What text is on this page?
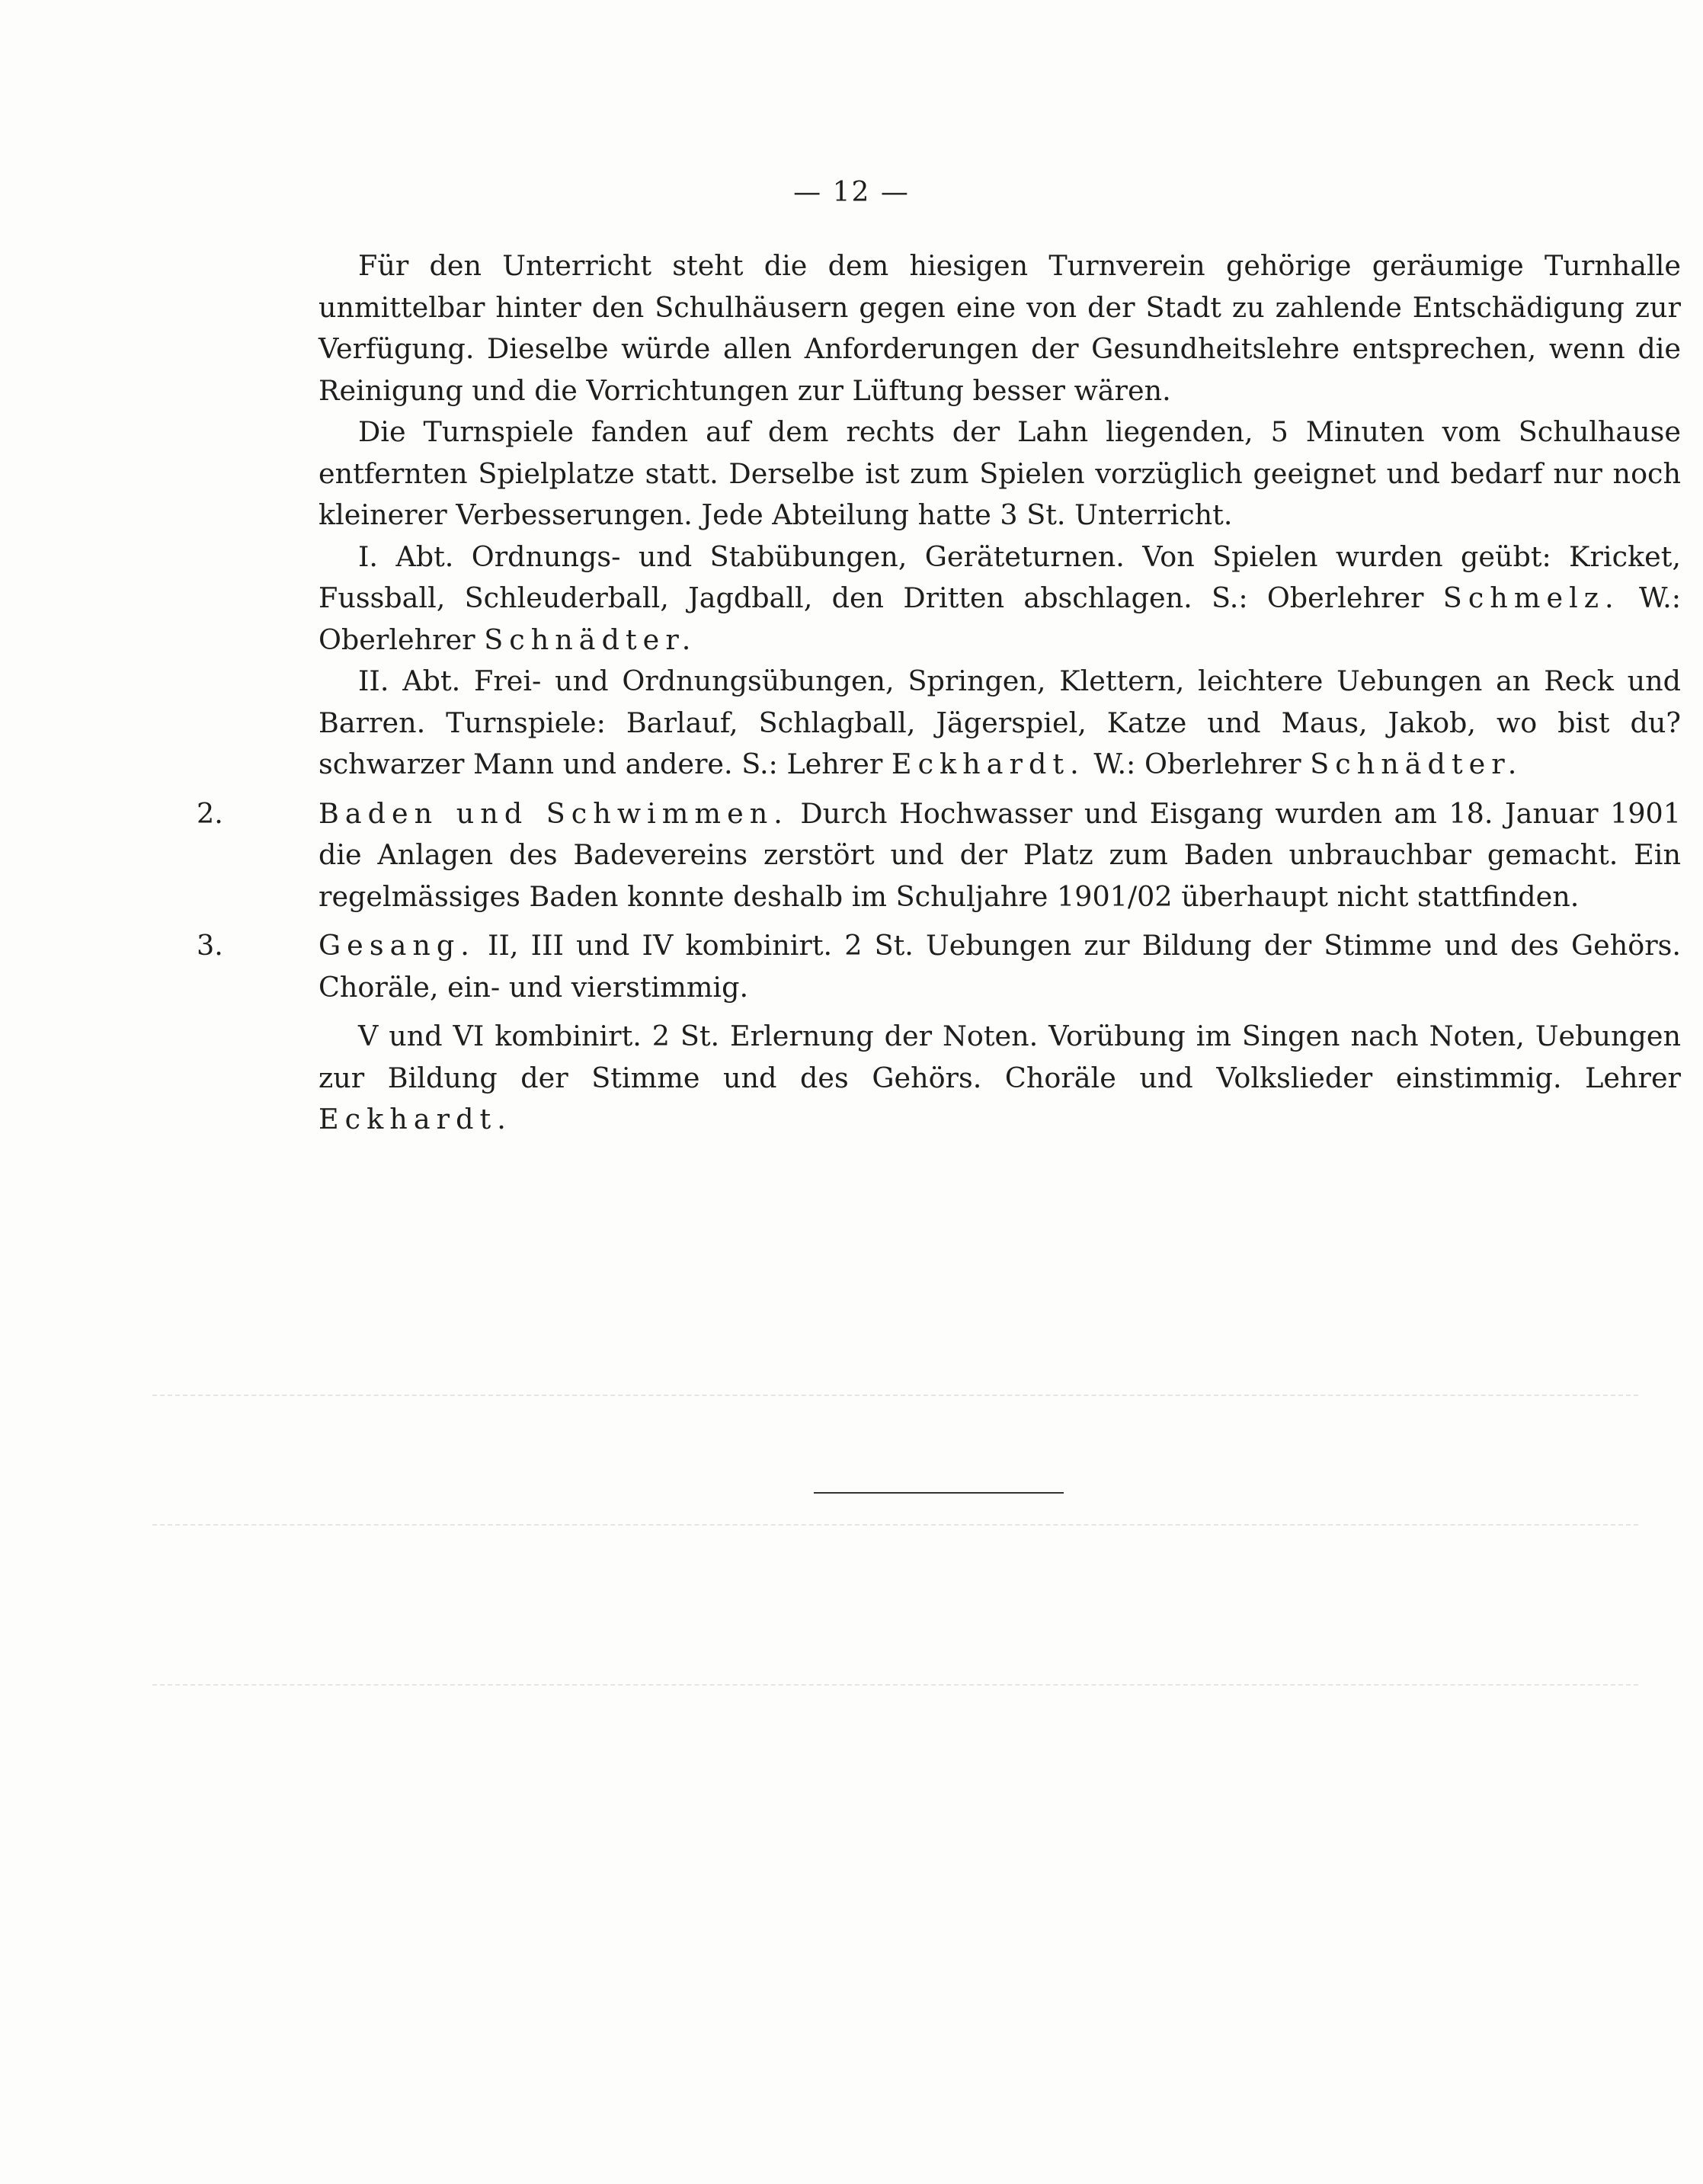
— 12 —

Für den Unterricht steht die dem hiesigen Turnverein gehörige geräumige Turnhalle unmittelbar hinter den Schulhäusern gegen eine von der Stadt zu zahlende Entschädigung zur Verfügung. Dieselbe würde allen Anforderungen der Gesundheitslehre entsprechen, wenn die Reinigung und die Vorrichtungen zur Lüftung besser wären.

Die Turnspiele fanden auf dem rechts der Lahn liegenden, 5 Minuten vom Schulhause entfernten Spielplatze statt. Derselbe ist zum Spielen vorzüglich geeignet und bedarf nur noch kleinerer Verbesserungen. Jede Abteilung hatte 3 St. Unterricht.

I. Abt. Ordnungs- und Stabübungen, Geräteturnen. Von Spielen wurden geübt: Kricket, Fussball, Schleuderball, Jagdball, den Dritten abschlagen. S.: Oberlehrer Schmelz. W.: Oberlehrer Schnädter.

II. Abt. Frei- und Ordnungsübungen, Springen, Klettern, leichtere Uebungen an Reck und Barren. Turnspiele: Barlauf, Schlagball, Jägerspiel, Katze und Maus, Jakob, wo bist du? schwarzer Mann und andere. S.: Lehrer Eckhardt. W.: Oberlehrer Schnädter.

2.	Baden und Schwimmen. Durch Hochwasser und Eisgang wurden am 18. Januar 1901 die Anlagen des Badevereins zerstört und der Platz zum Baden unbrauchbar gemacht. Ein regelmässiges Baden konnte deshalb im Schuljahre 1901/02 überhaupt nicht stattfinden.

3.	Gesang. II, III und IV kombinirt. 2 St. Uebungen zur Bildung der Stimme und des Gehörs. Choräle, ein- und vierstimmig.

V und VI kombinirt. 2 St. Erlernung der Noten. Vorübung im Singen nach Noten, Uebungen zur Bildung der Stimme und des Gehörs. Choräle und Volkslieder einstimmig. Lehrer Eckhardt.
